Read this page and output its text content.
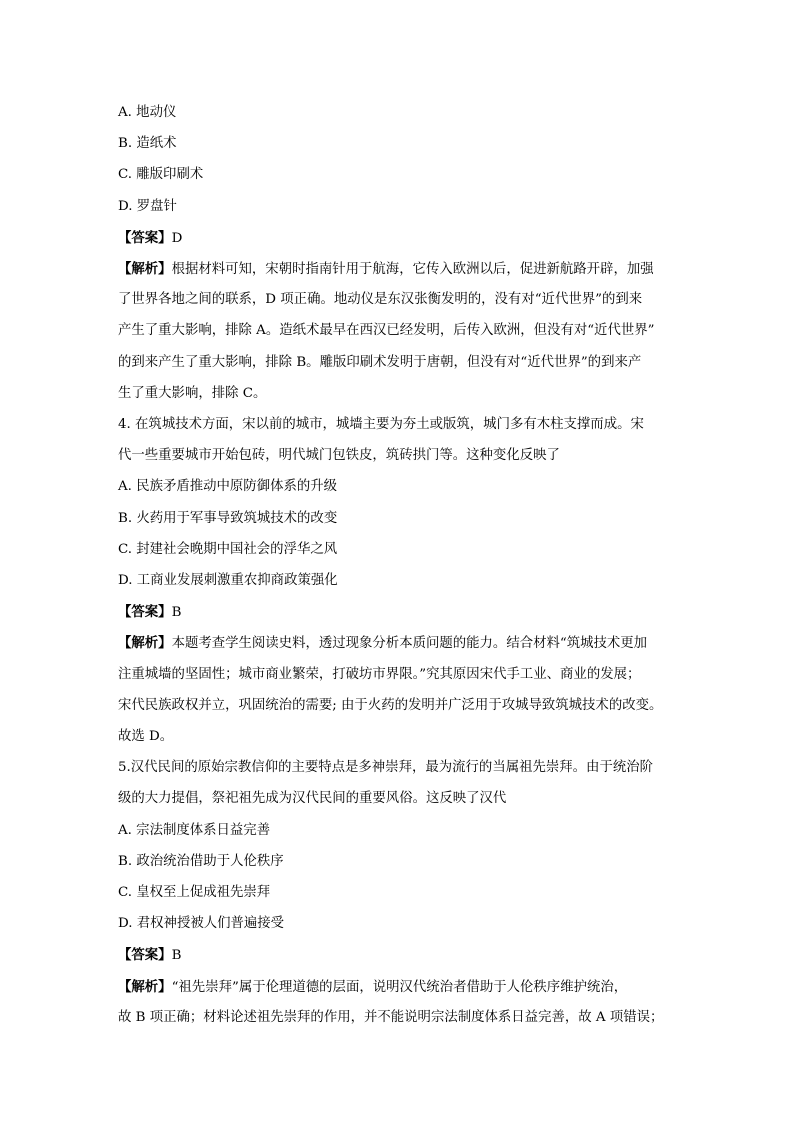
A. 地动仪
B. 造纸术
C. 雕版印刷术
D. 罗盘针
【答案】D
【解析】根据材料可知，宋朝时指南针用于航海，它传入欧洲以后，促进新航路开辟，加强
了世界各地之间的联系，D 项正确。地动仪是东汉张衡发明的，没有对“近代世界”的到来
产生了重大影响，排除 A。造纸术最早在西汉已经发明，后传入欧洲，但没有对“近代世界”
的到来产生了重大影响，排除 B。雕版印刷术发明于唐朝，但没有对“近代世界”的到来产
生了重大影响，排除 C。
4. 在筑城技术方面，宋以前的城市，城墙主要为夯土或版筑，城门多有木柱支撑而成。宋
代一些重要城市开始包砖，明代城门包铁皮，筑砖拱门等。这种变化反映了
A. 民族矛盾推动中原防御体系的升级
B. 火药用于军事导致筑城技术的改变
C. 封建社会晚期中国社会的浮华之风
D. 工商业发展刺激重农抑商政策强化
【答案】B
【解析】本题考查学生阅读史料，透过现象分析本质问题的能力。结合材料“筑城技术更加
注重城墙的坚固性；城市商业繁荣，打破坊市界限。”究其原因宋代手工业、商业的发展；
宋代民族政权并立，巩固统治的需要; 由于火药的发明并广泛用于攻城导致筑城技术的改变。
故选 D。
5.汉代民间的原始宗教信仰的主要特点是多神崇拜，最为流行的当属祖先崇拜。由于统治阶
级的大力提倡，祭祀祖先成为汉代民间的重要风俗。这反映了汉代
A. 宗法制度体系日益完善
B. 政治统治借助于人伦秩序
C. 皇权至上促成祖先崇拜
D. 君权神授被人们普遍接受
【答案】B
【解析】“祖先崇拜”属于伦理道德的层面，说明汉代统治者借助于人伦秩序维护统治，
故 B 项正确；材料论述祖先崇拜的作用，并不能说明宗法制度体系日益完善，故 A 项错误；
